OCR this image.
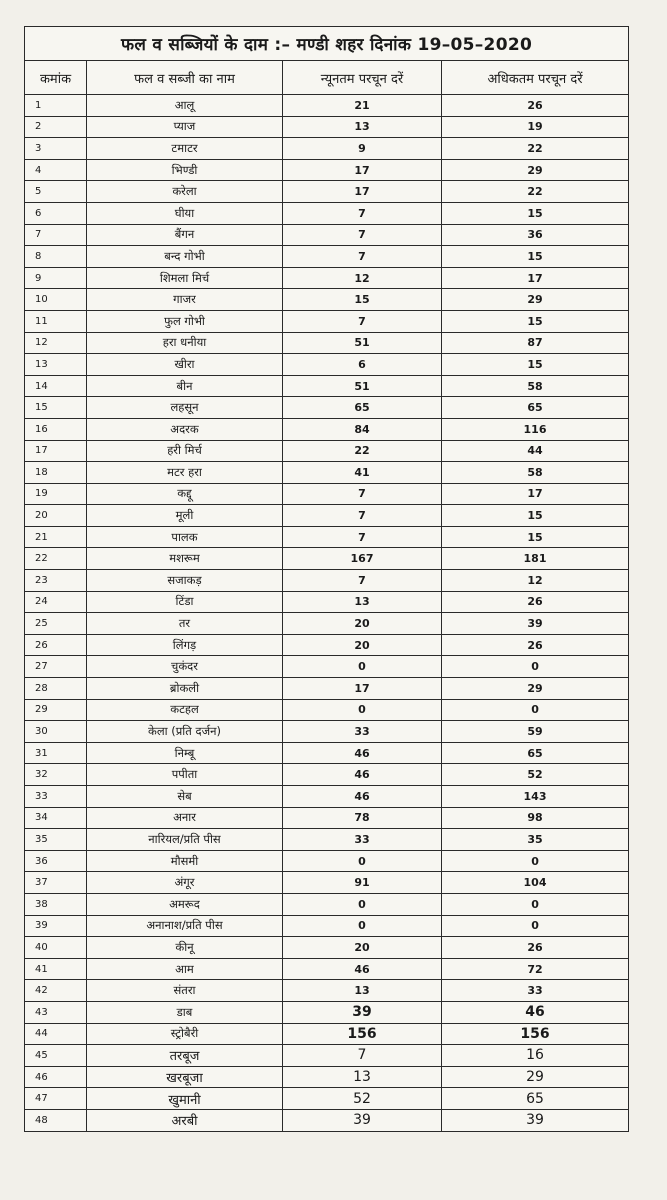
फल व सब्जियों के दाम :– मण्डी शहर दिनांक 19–05–2020			
कमांक	फल व सब्जी का नाम	न्यूनतम परचून दरें	अधिकतम परचून दरें
1	आलू	21	26
2	प्याज	13	19
3	टमाटर	9	22
4	भिण्डी	17	29
5	करेला	17	22
6	घीया	7	15
7	बैंगन	7	36
8	बन्द गोभी	7	15
9	शिमला मिर्च	12	17
10	गाजर	15	29
11	फुल गोभी	7	15
12	हरा धनीया	51	87
13	खीरा	6	15
14	बीन	51	58
15	लहसून	65	65
16	अदरक	84	116
17	हरी मिर्च	22	44
18	मटर हरा	41	58
19	कद्दू	7	17
20	मूली	7	15
21	पालक	7	15
22	मशरूम	167	181
23	सजाकड़	7	12
24	टिंडा	13	26
25	तर	20	39
26	लिंगड़	20	26
27	चुकंदर	0	0
28	ब्रोकली	17	29
29	कटहल	0	0
30	केला (प्रति दर्जन)	33	59
31	निम्बू	46	65
32	पपीता	46	52
33	सेब	46	143
34	अनार	78	98
35	नारियल/प्रति पीस	33	35
36	मौसमी	0	0
37	अंगूर	91	104
38	अमरूद	0	0
39	अनानाश/प्रति पीस	0	0
40	कीनू	20	26
41	आम	46	72
42	संतरा	13	33
43	डाब	39	46
44	स्ट्रोबैरी	156	156
45	तरबूज	7	16
46	खरबूजा	13	29
47	खुमानी	52	65
48	अरबी	39	39
